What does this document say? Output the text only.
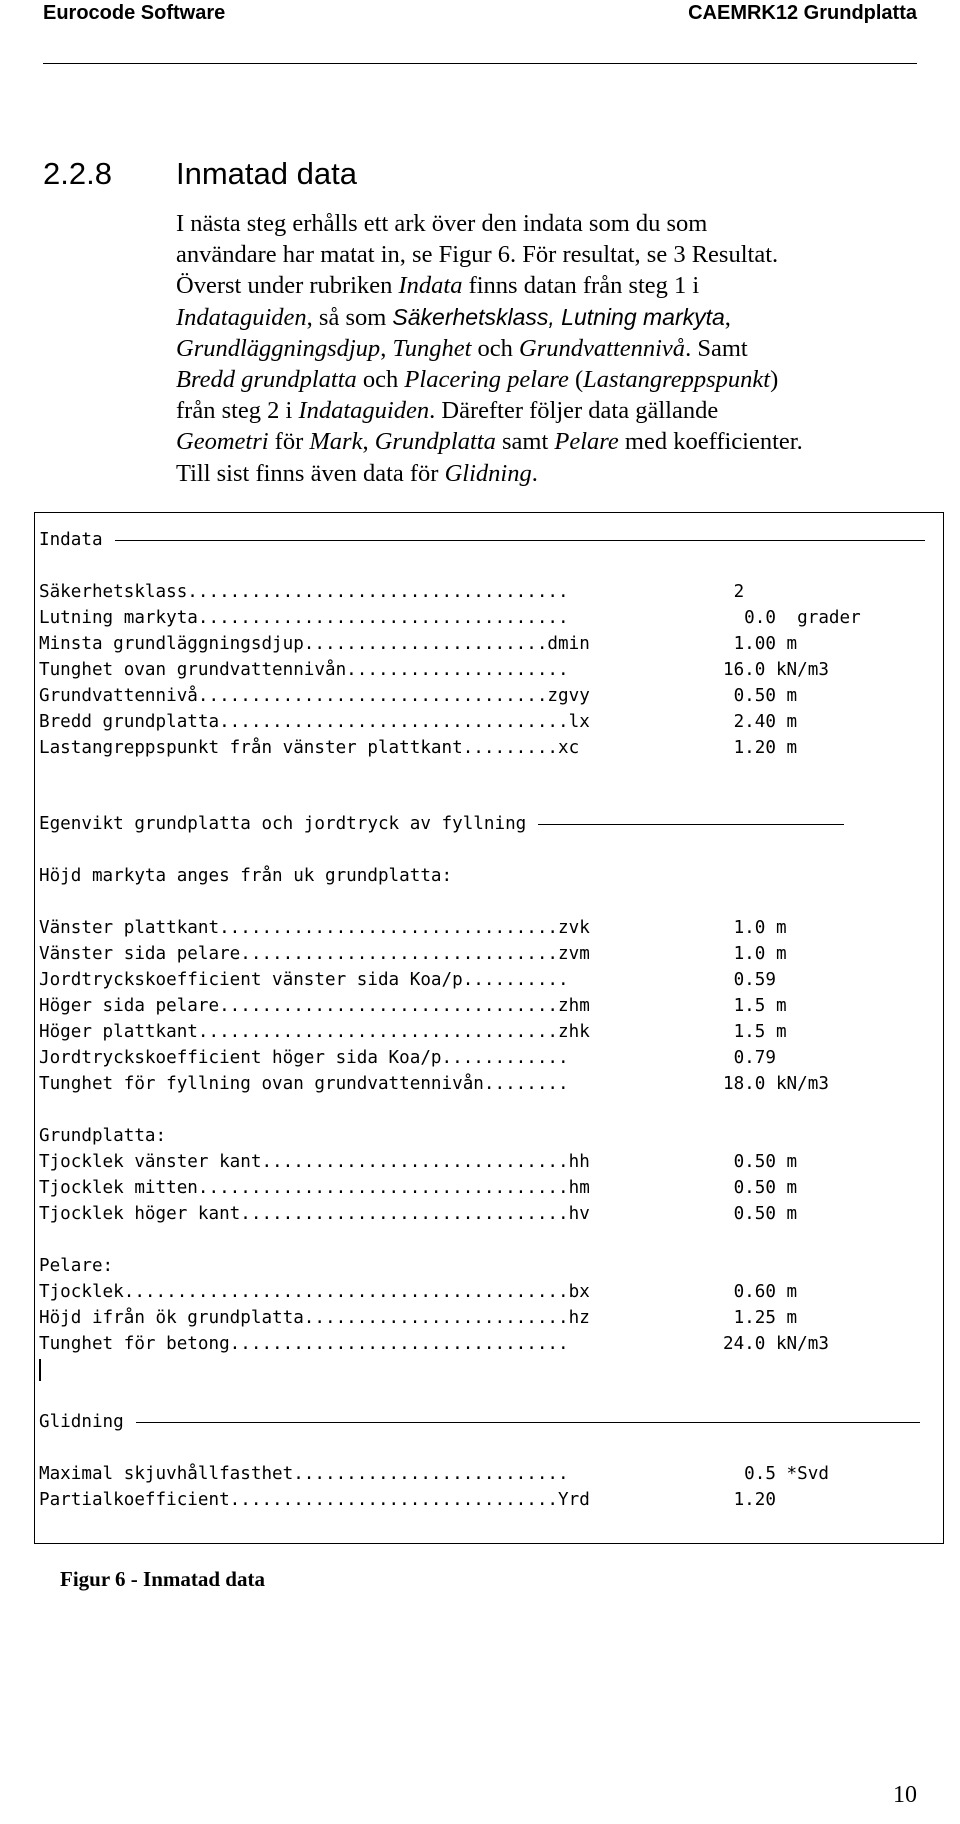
Eurocode Software	CAEMRK12 Grundplatta
2.2.8 Inmatad data

I nästa steg erhålls ett ark över den indata som du som

användare har matat in, se Figur 6. För resultat, se 3 Resultat.

Överst under rubriken Indata finns datan från steg 1 i

Indataguiden, så som Säkerhetsklass, Lutning markyta,

Grundläggningsdjup, Tunghet och Grundvattennivå. Samt

Bredd grundplatta och Placering pelare (Lastangreppspunkt)

från steg 2 i Indataguiden. Därefter följer data gällande

Geometri för Mark, Grundplatta samt Pelare med koefficienter.

Till sist finns även data för Glidning.

Indata

Säkerhetsklass....................................	2

Lutning markyta...................................	0.0  grader

Minsta grundläggningsdjup.......................dmin	1.00 m

Tunghet ovan grundvattennivån.....................	16.0 kN/m3

Grundvattennivå.................................zgvy	0.50 m

Bredd grundplatta.................................lx	2.40 m

Lastangreppspunkt från vänster plattkant.........xc	1.20 m

Egenvikt grundplatta och jordtryck av fyllning

Höjd markyta anges från uk grundplatta:

Vänster plattkant................................zvk	1.0 m

Vänster sida pelare..............................zvm	1.0 m

Jordtryckskoefficient vänster sida Koa/p..........	0.59

Höger sida pelare................................zhm	1.5 m

Höger plattkant..................................zhk	1.5 m

Jordtryckskoefficient höger sida Koa/p............	0.79

Tunghet för fyllning ovan grundvattennivån........	18.0 kN/m3

Grundplatta:

Tjocklek vänster kant.............................hh	0.50 m

Tjocklek mitten...................................hm	0.50 m

Tjocklek höger kant...............................hv	0.50 m

Pelare:

Tjocklek..........................................bx	0.60 m

Höjd ifrån ök grundplatta.........................hz	1.25 m

Tunghet för betong................................	24.0 kN/m3

Glidning

Maximal skjuvhållfasthet..........................	0.5 *Svd

Partialkoefficient...............................Yrd	1.20

Figur 6 - Inmatad data
10
